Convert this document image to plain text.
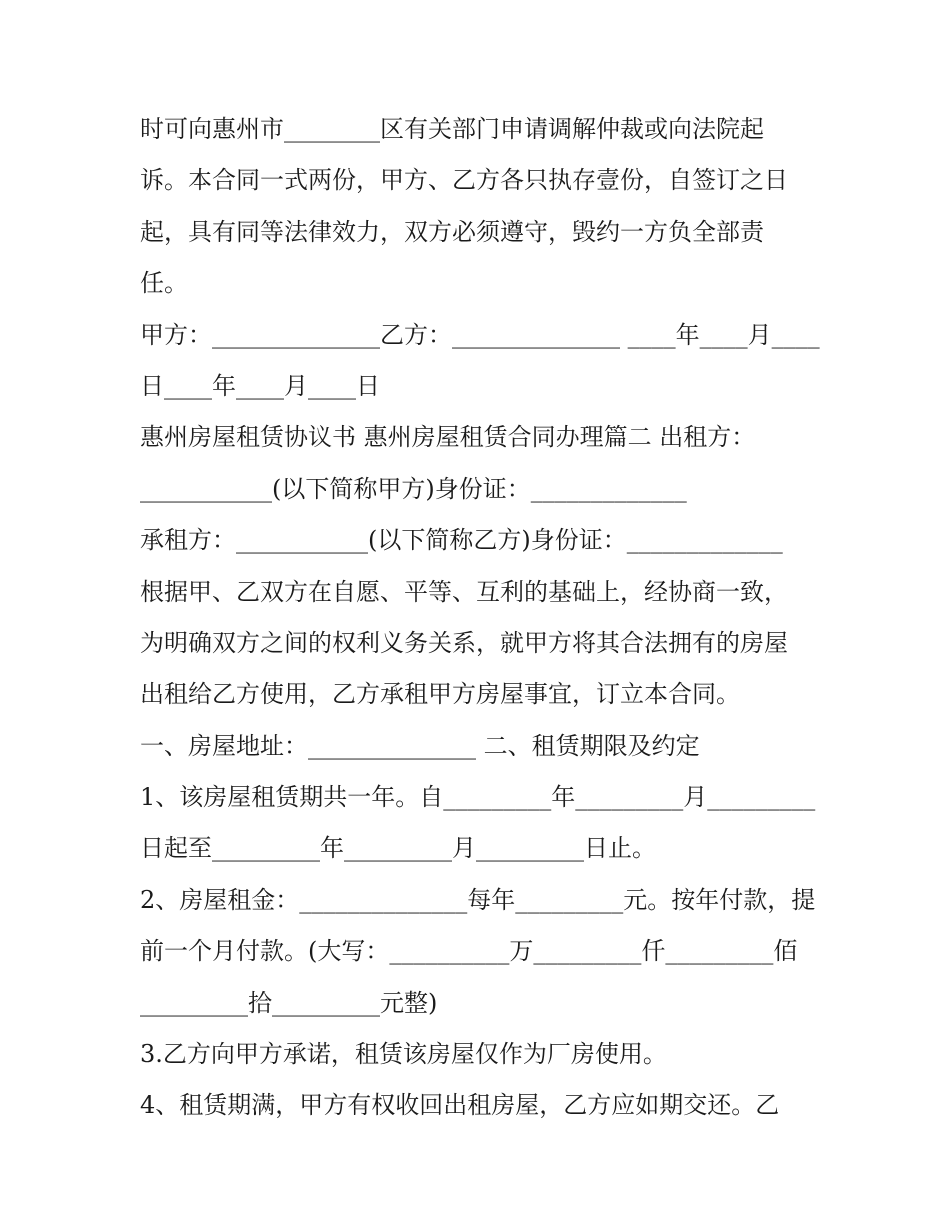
时可向惠州市________区有关部门申请调解仲裁或向法院起
诉。本合同一式两份，甲方、乙方各只执存壹份，自签订之日
起，具有同等法律效力，双方必须遵守，毁约一方负全部责
任。
甲方：______________乙方：______________ ____年____月____
日____年____月____日
惠州房屋租赁协议书 惠州房屋租赁合同办理篇二 出租方：
___________(以下简称甲方)身份证：_____________
承租方：___________(以下简称乙方)身份证：_____________
根据甲、乙双方在自愿、平等、互利的基础上，经协商一致，
为明确双方之间的权利义务关系，就甲方将其合法拥有的房屋
出租给乙方使用，乙方承租甲方房屋事宜，订立本合同。
一、房屋地址：______________ 二、租赁期限及约定
1、该房屋租赁期共一年。自_________年_________月_________
日起至_________年_________月_________日止。
2、房屋租金：______________每年_________元。按年付款，提
前一个月付款。(大写：__________万_________仟_________佰
_________拾_________元整)
3.乙方向甲方承诺，租赁该房屋仅作为厂房使用。
4、租赁期满，甲方有权收回出租房屋，乙方应如期交还。乙
